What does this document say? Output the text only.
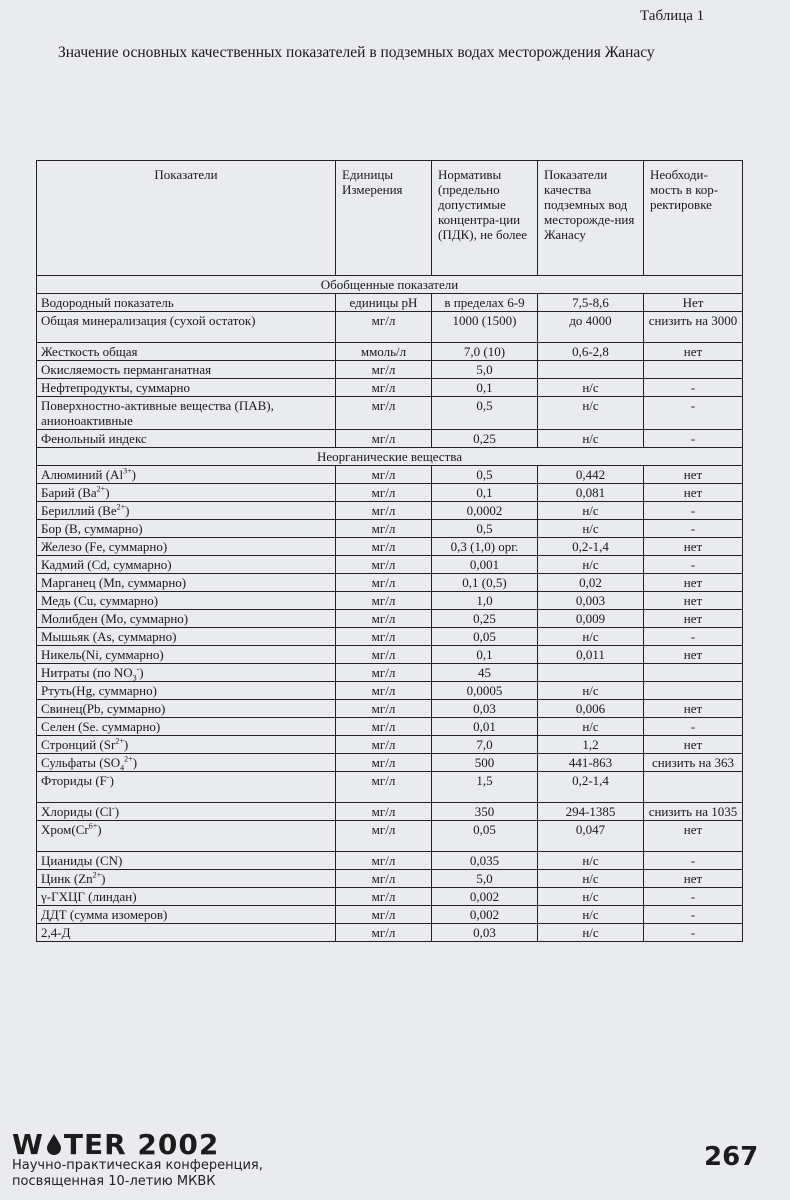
Таблица 1
Значение основных качественных показателей в подземных водах месторождения Жанасу
Показатели	Единицы Измерения	Нормативы (предельно допустимые концентра-ции (ПДК), не более	Показатели качества подземных вод месторожде-ния Жанасу	Необходи-мость в кор-ректировке
Обобщенные показатели				
Водородный показатель	единицы pH	в пределах 6-9	7,5-8,6	Нет
Общая минерализация (сухой остаток)	мг/л	1000 (1500)	до 4000	снизить на 3000
Жесткость общая	ммоль/л	7,0 (10)	0,6-2,8	нет
Окисляемость перманганатная	мг/л	5,0		
Нефтепродукты, суммарно	мг/л	0,1	н/с	-
Поверхностно-активные вещества (ПАВ), анионоактивные	мг/л	0,5	н/с	-
Фенольный индекс	мг/л	0,25	н/с	-
Неорганические вещества				
Алюминий $(Al^{3+})$	мг/л	0,5	0,442	нет
Барий $(Ba^{2+})$	мг/л	0,1	0,081	нет
Бериллий $(Be^{2+})$	мг/л	0,0002	н/с	-
Бор (B, суммарно)	мг/л	0,5	н/с	-
Железо (Fe, суммарно)	мг/л	0,3 (1,0) орг.	0,2-1,4	нет
Кадмий (Cd, суммарно)	мг/л	0,001	н/с	-
Марганец (Mn, суммарно)	мг/л	0,1 (0,5)	0,02	нет
Медь (Cu, суммарно)	мг/л	1,0	0,003	нет
Молибден (Mo, суммарно)	мг/л	0,25	0,009	нет
Мышьяк (As, суммарно)	мг/л	0,05	н/с	-
Никель(Ni, суммарно)	мг/л	0,1	0,011	нет
Нитраты (по $NO_3^-$)	мг/л	45		
Ртуть(Hg, суммарно)	мг/л	0,0005	н/с	
Свинец(Pb, суммарно)	мг/л	0,03	0,006	нет
Селен (Se. суммарно)	мг/л	0,01	н/с	-
Стронций $(Sr^{2+})$	мг/л	7,0	1,2	нет
Сульфаты $(SO_4^{2+})$	мг/л	500	441-863	снизить на 363
Фториды (F-)	мг/л	1,5	0,2-1,4	
Хлориды (Cl-)	мг/л	350	294-1385	снизить на 1035
$Хром(Cr^{6+})$	мг/л	0,05	0,047	нет
Цианиды (CN)	мг/л	0,035	н/с	-
Цинк $(Zn^{2+})$	мг/л	5,0	н/с	нет
γ-ГХЦГ (линдан)	мг/л	0,002	н/с	-
ДДТ (сумма изомеров)	мг/л	0,002	н/с	-
2,4-Д	мг/л	0,03	н/с	-
W TER 2002
Научно-практическая конференция,
посвященная 10-летию МКВК
267
